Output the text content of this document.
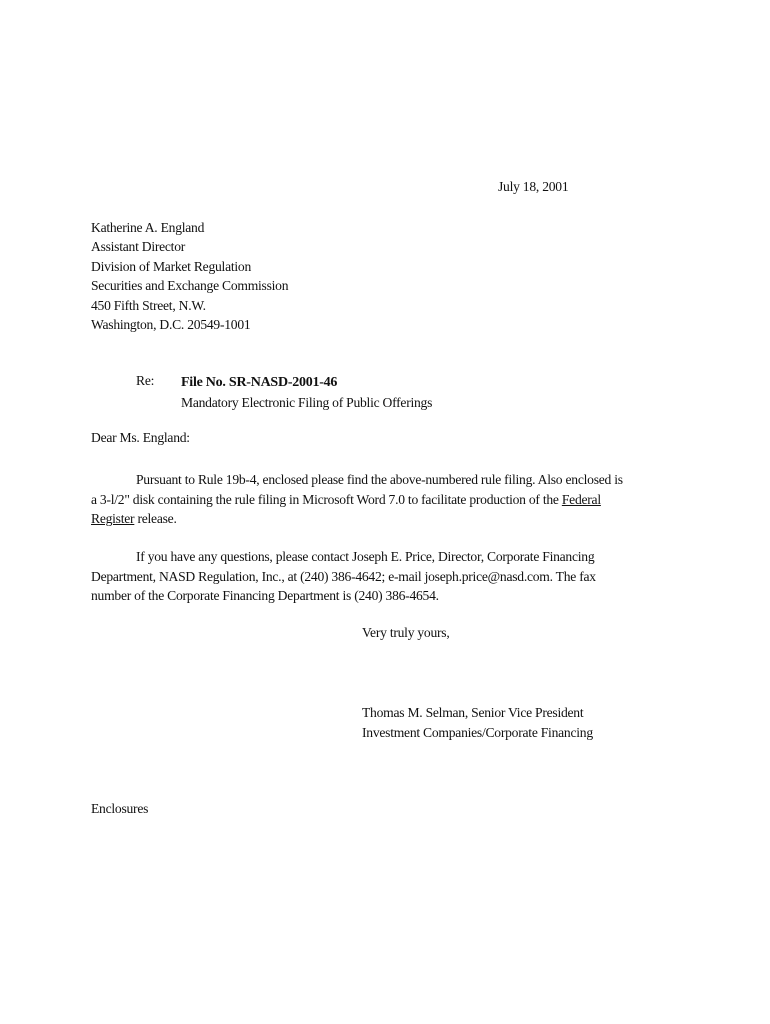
July 18, 2001
Katherine A. England
Assistant Director
Division of Market Regulation
Securities and Exchange Commission
450 Fifth Street, N.W.
Washington, D.C. 20549-1001
Re: File No. SR-NASD-2001-46
Mandatory Electronic Filing of Public Offerings
Dear Ms. England:
Pursuant to Rule 19b-4, enclosed please find the above-numbered rule filing. Also enclosed is
a 3-l/2" disk containing the rule filing in Microsoft Word 7.0 to facilitate production of the Federal
Register release.
If you have any questions, please contact Joseph E. Price, Director, Corporate Financing
Department, NASD Regulation, Inc., at (240) 386-4642; e-mail joseph.price@nasd.com. The fax
number of the Corporate Financing Department is (240) 386-4654.
Very truly yours,
Thomas M. Selman, Senior Vice President
Investment Companies/Corporate Financing
Enclosures
